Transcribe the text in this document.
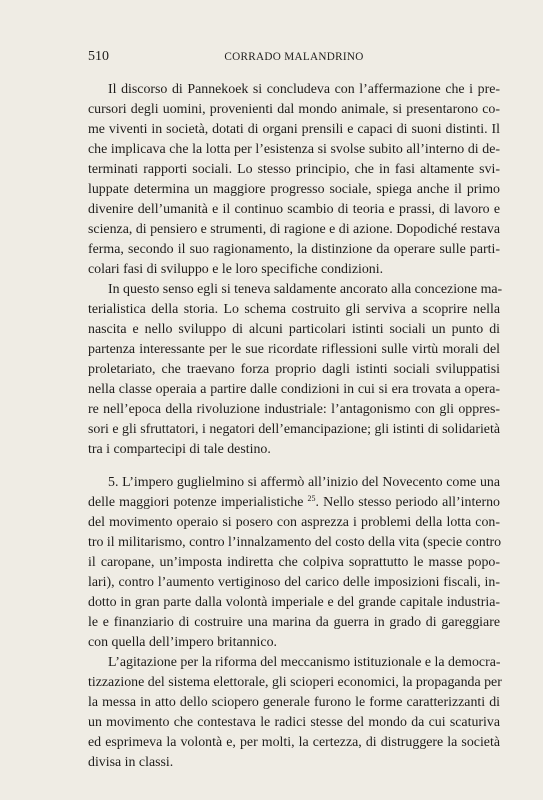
510	CORRADO MALANDRINO
Il discorso di Pannekoek si concludeva con l’affermazione che i pre-
cursori degli uomini, provenienti dal mondo animale, si presentarono co-
me viventi in società, dotati di organi prensili e capaci di suoni distinti. Il
che implicava che la lotta per l’esistenza si svolse subito all’interno di de-
terminati rapporti sociali. Lo stesso principio, che in fasi altamente svi-
luppate determina un maggiore progresso sociale, spiega anche il primo
divenire dell’umanità e il continuo scambio di teoria e prassi, di lavoro e
scienza, di pensiero e strumenti, di ragione e di azione. Dopodiché restava
ferma, secondo il suo ragionamento, la distinzione da operare sulle parti-
colari fasi di sviluppo e le loro specifiche condizioni.
In questo senso egli si teneva saldamente ancorato alla concezione ma-
terialistica della storia. Lo schema costruito gli serviva a scoprire nella
nascita e nello sviluppo di alcuni particolari istinti sociali un punto di
partenza interessante per le sue ricordate riflessioni sulle virtù morali del
proletariato, che traevano forza proprio dagli istinti sociali sviluppatisi
nella classe operaia a partire dalle condizioni in cui si era trovata a opera-
re nell’epoca della rivoluzione industriale: l’antagonismo con gli oppres-
sori e gli sfruttatori, i negatori dell’emancipazione; gli istinti di solidarietà
tra i compartecipi di tale destino.
5. L’impero guglielmino si affermò all’inizio del Novecento come una
delle maggiori potenze imperialistiche $^{25}$. Nello stesso periodo all’interno
del movimento operaio si posero con asprezza i problemi della lotta con-
tro il militarismo, contro l’innalzamento del costo della vita (specie contro
il caropane, un’imposta indiretta che colpiva soprattutto le masse popo-
lari), contro l’aumento vertiginoso del carico delle imposizioni fiscali, in-
dotto in gran parte dalla volontà imperiale e del grande capitale industria-
le e finanziario di costruire una marina da guerra in grado di gareggiare
con quella dell’impero britannico.
L’agitazione per la riforma del meccanismo istituzionale e la democra-
tizzazione del sistema elettorale, gli scioperi economici, la propaganda per
la messa in atto dello sciopero generale furono le forme caratterizzanti di
un movimento che contestava le radici stesse del mondo da cui scaturiva
ed esprimeva la volontà e, per molti, la certezza, di distruggere la società
divisa in classi.
